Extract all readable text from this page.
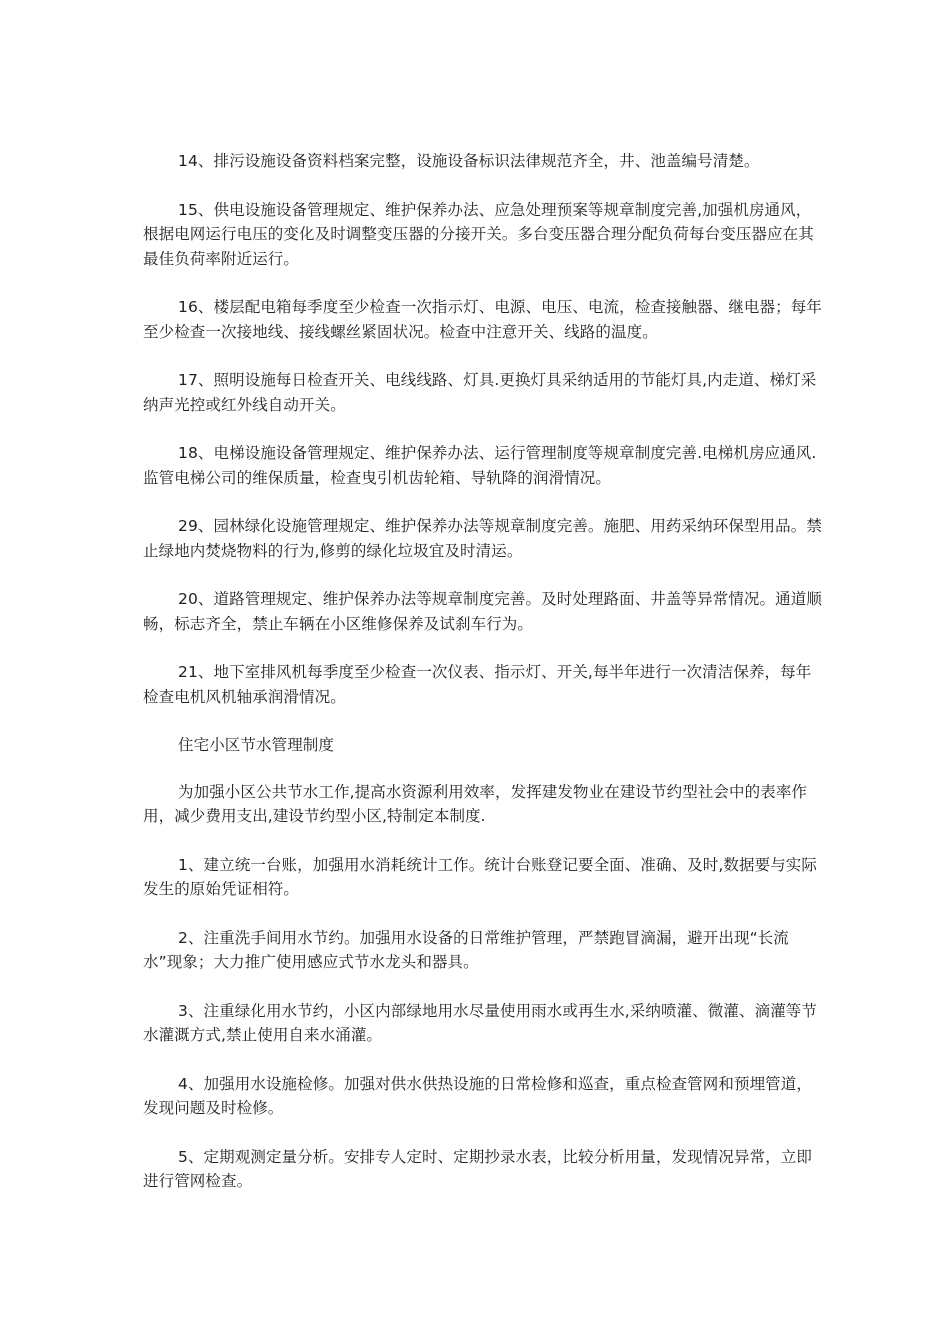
14、排污设施设备资料档案完整，设施设备标识法律规范齐全，井、池盖编号清楚。

15、供电设施设备管理规定、维护保养办法、应急处理预案等规章制度完善,加强机房通风，根据电网运行电压的变化及时调整变压器的分接开关。多台变压器合理分配负荷每台变压器应在其最佳负荷率附近运行。

16、楼层配电箱每季度至少检查一次指示灯、电源、电压、电流，检查接触器、继电器；每年至少检查一次接地线、接线螺丝紧固状况。检查中注意开关、线路的温度。

17、照明设施每日检查开关、电线线路、灯具.更换灯具采纳适用的节能灯具,内走道、梯灯采纳声光控或红外线自动开关。

18、电梯设施设备管理规定、维护保养办法、运行管理制度等规章制度完善.电梯机房应通风.监管电梯公司的维保质量，检查曳引机齿轮箱、导轨降的润滑情况。

29、园林绿化设施管理规定、维护保养办法等规章制度完善。施肥、用药采纳环保型用品。禁止绿地内焚烧物料的行为,修剪的绿化垃圾宜及时清运。

20、道路管理规定、维护保养办法等规章制度完善。及时处理路面、井盖等异常情况。通道顺畅，标志齐全，禁止车辆在小区维修保养及试刹车行为。

21、地下室排风机每季度至少检查一次仪表、指示灯、开关,每半年进行一次清洁保养，每年检查电机风机轴承润滑情况。

住宅小区节水管理制度

为加强小区公共节水工作,提高水资源利用效率，发挥建发物业在建设节约型社会中的表率作用，减少费用支出,建设节约型小区,特制定本制度.

1、建立统一台账，加强用水消耗统计工作。统计台账登记要全面、准确、及时,数据要与实际发生的原始凭证相符。

2、注重洗手间用水节约。加强用水设备的日常维护管理，严禁跑冒滴漏，避开出现“长流水”现象；大力推广使用感应式节水龙头和器具。

3、注重绿化用水节约，小区内部绿地用水尽量使用雨水或再生水,采纳喷灌、微灌、滴灌等节水灌溉方式,禁止使用自来水涌灌。

4、加强用水设施检修。加强对供水供热设施的日常检修和巡查，重点检查管网和预埋管道，发现问题及时检修。

5、定期观测定量分析。安排专人定时、定期抄录水表，比较分析用量，发现情况异常，立即进行管网检查。
